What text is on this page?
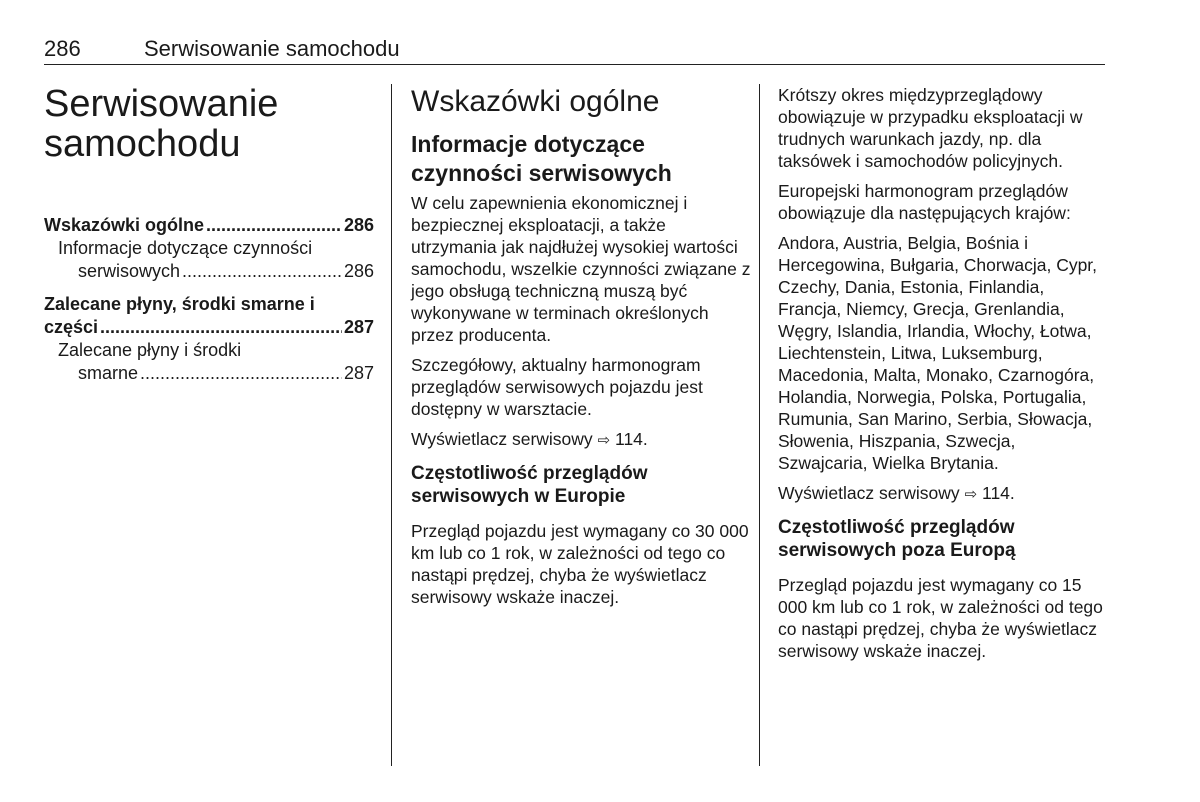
286	Serwisowanie samochodu
Serwisowanie
samochodu
Wskazówki ogólne .....	286
Informacje dotyczące czynności
serwisowych .....	286
Zalecane płyny, środki smarne i
części .....	287
Zalecane płyny i środki
smarne .....	287
Wskazówki ogólne
Informacje dotyczące czynności serwisowych

W celu zapewnienia ekonomicznej i bezpiecznej eksploatacji, a także utrzymania jak najdłużej wysokiej wartości samochodu, wszelkie czynności związane z jego obsługą techniczną muszą być wykonywane w terminach określonych przez producenta.

Szczegółowy, aktualny harmonogram przeglądów serwisowych pojazdu jest dostępny w warsztacie.

Wyświetlacz serwisowy ⇨ 114.

Częstotliwość przeglądów serwisowych w Europie

Przegląd pojazdu jest wymagany co 30 000 km lub co 1 rok, w zależności od tego co nastąpi prędzej, chyba że wyświetlacz serwisowy wskaże inaczej.

Krótszy okres międzyprzeglądowy obowiązuje w przypadku eksploatacji w trudnych warunkach jazdy, np. dla taksówek i samochodów policyjnych.

Europejski harmonogram przeglądów obowiązuje dla następujących krajów:

Andora, Austria, Belgia, Bośnia i Hercegowina, Bułgaria, Chorwacja, Cypr, Czechy, Dania, Estonia, Finlandia, Francja, Niemcy, Grecja, Grenlandia, Węgry, Islandia, Irlandia, Włochy, Łotwa, Liechtenstein, Litwa, Luksemburg, Macedonia, Malta, Monako, Czarnogóra, Holandia, Norwegia, Polska, Portugalia, Rumunia, San Marino, Serbia, Słowacja, Słowenia, Hiszpania, Szwecja, Szwajcaria, Wielka Brytania.

Wyświetlacz serwisowy ⇨ 114.

Częstotliwość przeglądów serwisowych poza Europą

Przegląd pojazdu jest wymagany co 15 000 km lub co 1 rok, w zależności od tego co nastąpi prędzej, chyba że wyświetlacz serwisowy wskaże inaczej.
